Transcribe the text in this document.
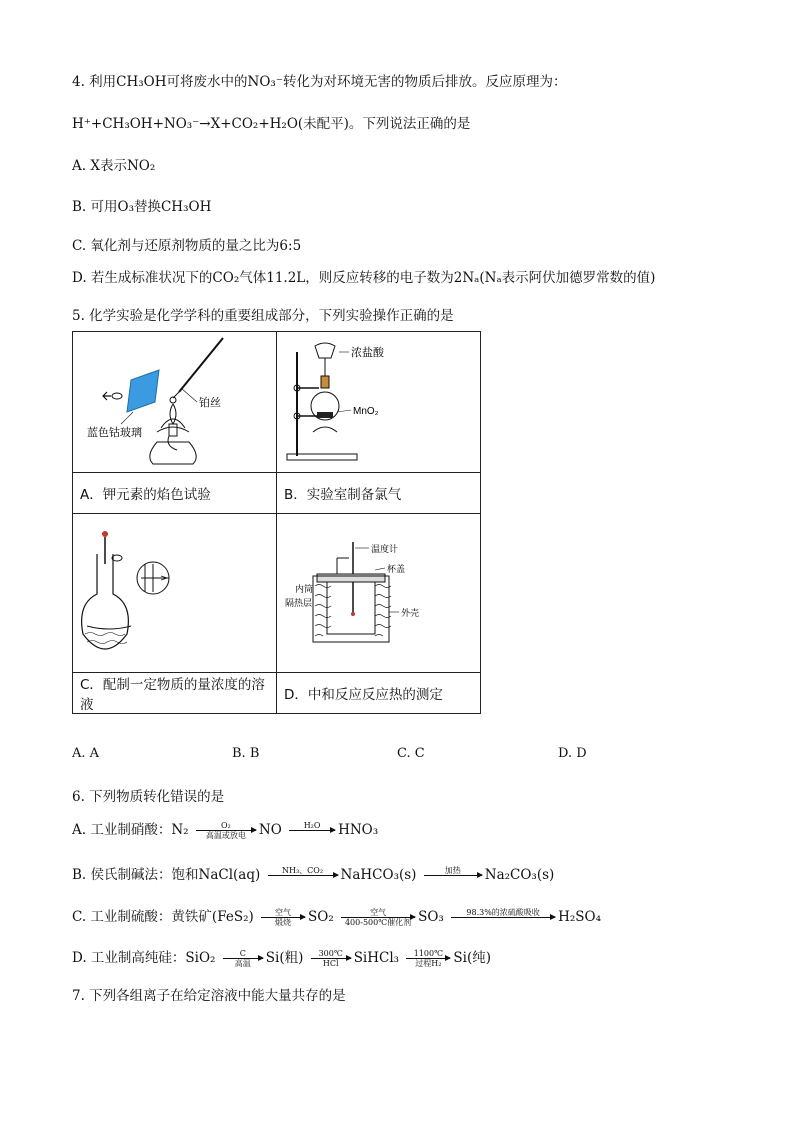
4. 利用CH₃OH可将废水中的NO₃⁻转化为对环境无害的物质后排放。反应原理为：
H⁺+CH₃OH+NO₃⁻→X+CO₂+H₂O(未配平)。下列说法正确的是
A. X表示NO₂
B. 可用O₃替换CH₃OH
C. 氧化剂与还原剂物质的量之比为6:5
D. 若生成标准状况下的CO₂气体11.2L，则反应转移的电子数为2Nₐ(Nₐ表示阿伏加德罗常数的值)
5. 化学实验是化学学科的重要组成部分，下列实验操作正确的是
铂丝
蓝色钴玻璃	浓盐酸
MnO₂

A．钾元素的焰色试验	B．实验室制备氯气

温度计
杯盖
内筒
隔热层
外壳

C．配制一定物质的量浓度的溶液	D．中和反应反应热的测定
A. A	B. B	C. C	D. D
6. 下列物质转化错误的是
A. 工业制硝酸：N₂	O₂
高温或放电 NO	H₂O
	HNO₃
B. 侯氏制碱法：饱和NaCl(aq)	NH₃、CO₂
	NaHCO₃(s)	加热
	Na₂CO₃(s)
C. 工业制硫酸：黄铁矿(FeS₂)	空气
煅烧	SO₂	空气
400-500℃催化剂 SO₃	98.3%的浓硫酸吸收
	H₂SO₄
D. 工业制高纯硅：SiO₂	C
高温	Si(粗)	300℃
HCl	SiHCl₃	1100℃
过程H₂ Si(纯)
7. 下列各组离子在给定溶液中能大量共存的是
